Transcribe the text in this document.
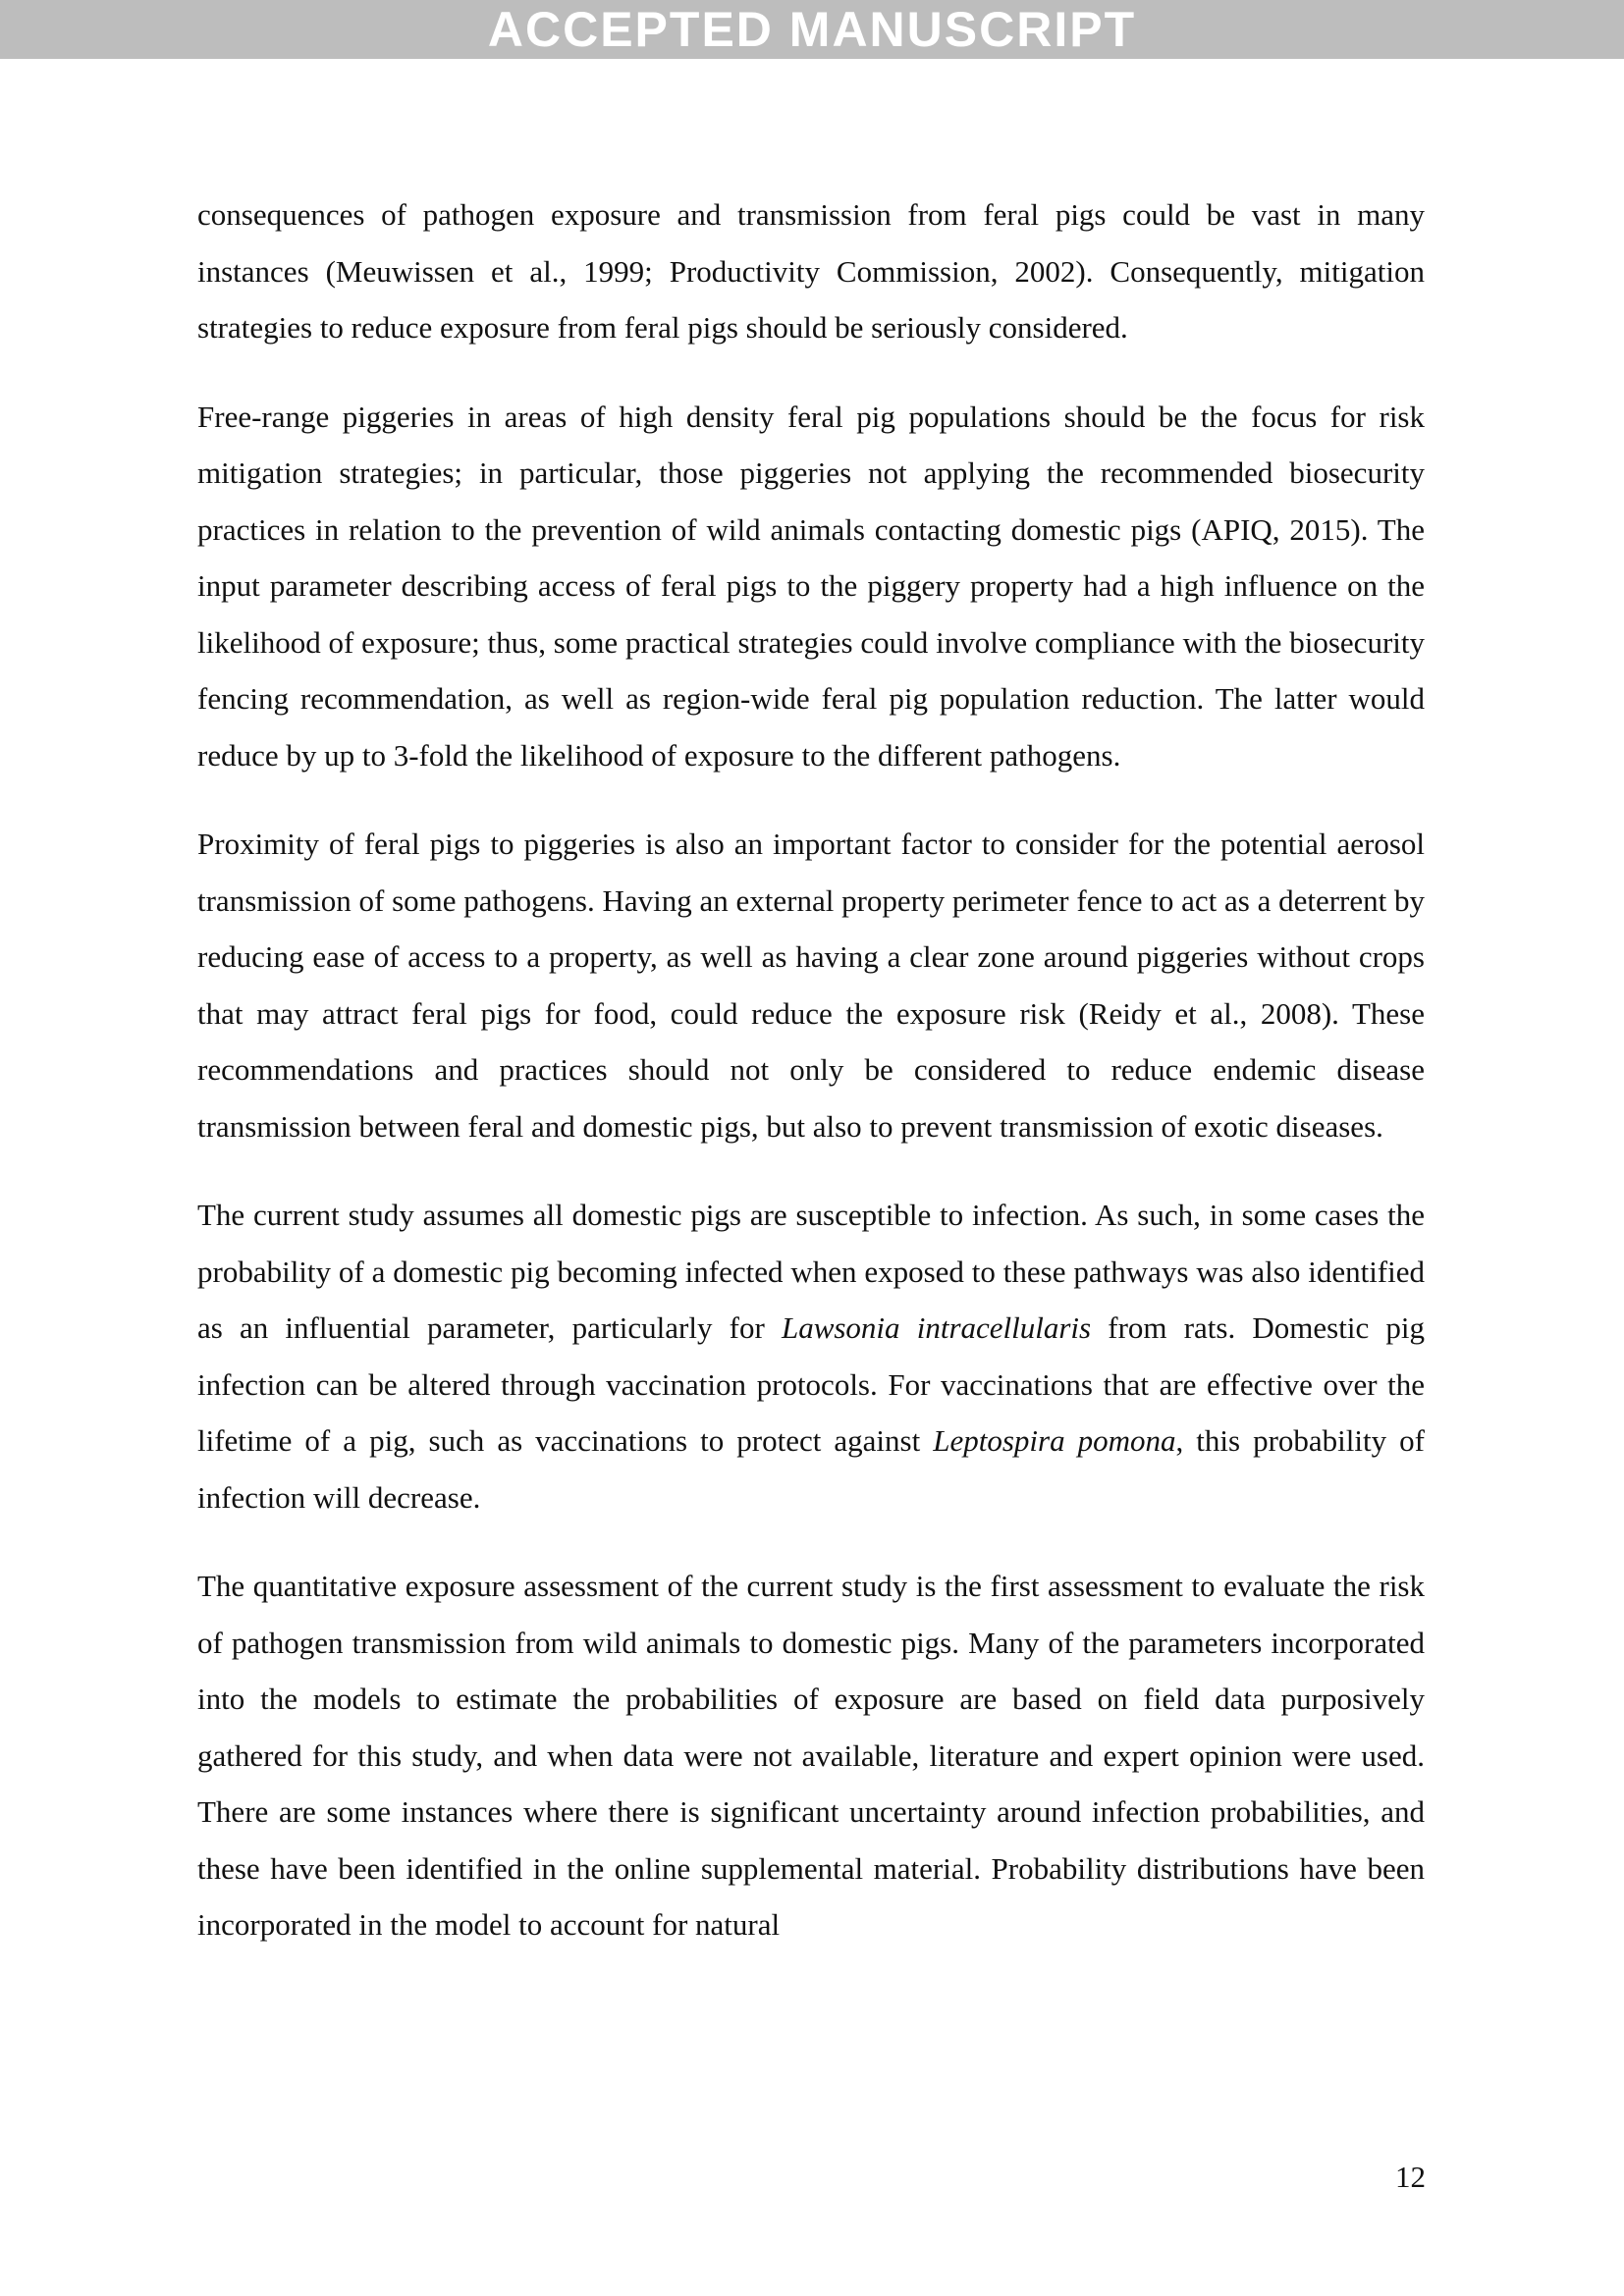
ACCEPTED MANUSCRIPT

consequences of pathogen exposure and transmission from feral pigs could be vast in many instances (Meuwissen et al., 1999; Productivity Commission, 2002). Consequently, mitigation strategies to reduce exposure from feral pigs should be seriously considered.

Free-range piggeries in areas of high density feral pig populations should be the focus for risk mitigation strategies; in particular, those piggeries not applying the recommended biosecurity practices in relation to the prevention of wild animals contacting domestic pigs (APIQ, 2015). The input parameter describing access of feral pigs to the piggery property had a high influence on the likelihood of exposure; thus, some practical strategies could involve compliance with the biosecurity fencing recommendation, as well as region-wide feral pig population reduction. The latter would reduce by up to 3-fold the likelihood of exposure to the different pathogens.

Proximity of feral pigs to piggeries is also an important factor to consider for the potential aerosol transmission of some pathogens. Having an external property perimeter fence to act as a deterrent by reducing ease of access to a property, as well as having a clear zone around piggeries without crops that may attract feral pigs for food, could reduce the exposure risk (Reidy et al., 2008). These recommendations and practices should not only be considered to reduce endemic disease transmission between feral and domestic pigs, but also to prevent transmission of exotic diseases.

The current study assumes all domestic pigs are susceptible to infection. As such, in some cases the probability of a domestic pig becoming infected when exposed to these pathways was also identified as an influential parameter, particularly for Lawsonia intracellularis from rats. Domestic pig infection can be altered through vaccination protocols. For vaccinations that are effective over the lifetime of a pig, such as vaccinations to protect against Leptospira pomona, this probability of infection will decrease.

The quantitative exposure assessment of the current study is the first assessment to evaluate the risk of pathogen transmission from wild animals to domestic pigs. Many of the parameters incorporated into the models to estimate the probabilities of exposure are based on field data purposively gathered for this study, and when data were not available, literature and expert opinion were used. There are some instances where there is significant uncertainty around infection probabilities, and these have been identified in the online supplemental material. Probability distributions have been incorporated in the model to account for natural

12
